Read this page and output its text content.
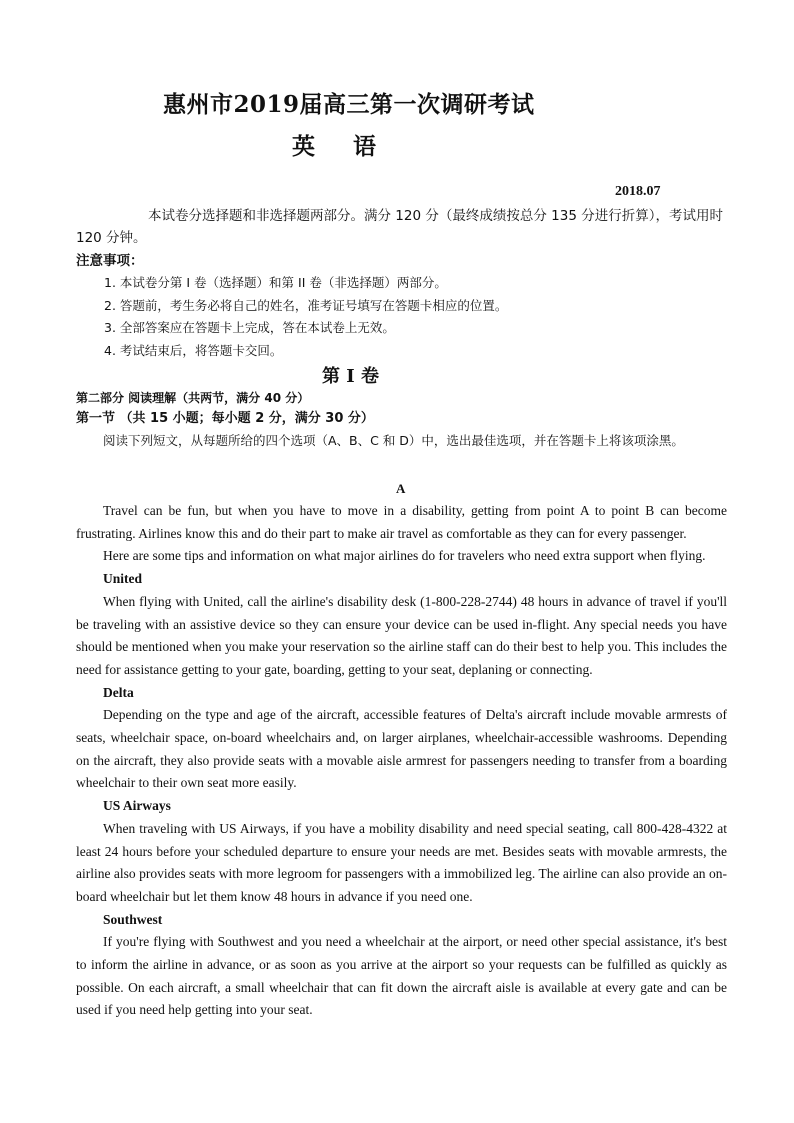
惠州市2019届高三第一次调研考试
英 语
2018.07

本试卷分选择题和非选择题两部分。满分 120 分（最终成绩按总分 135 分进行折算），考试用时 120 分钟。

注意事项：

1. 本试卷分第 I 卷（选择题）和第 II 卷（非选择题）两部分。

2. 答题前，考生务必将自己的姓名，准考证号填写在答题卡相应的位置。

3. 全部答案应在答题卡上完成，答在本试卷上无效。

4. 考试结束后，将答题卡交回。

第 I 卷

第二部分 阅读理解（共两节，满分 40 分）

第一节 （共 15 小题；每小题 2 分，满分 30 分）

阅读下列短文，从每题所给的四个选项（A、B、C 和 D）中，选出最佳选项，并在答题卡上将该项涂黑。

A

Travel can be fun, but when you have to move in a disability, getting from point A to point B can become frustrating. Airlines know this and do their part to make air travel as comfortable as they can for every passenger.

Here are some tips and information on what major airlines do for travelers who need extra support when flying.

United

When flying with United, call the airline's disability desk (1-800-228-2744) 48 hours in advance of travel if you'll be traveling with an assistive device so they can ensure your device can be used in-flight. Any special needs you have should be mentioned when you make your reservation so the airline staff can do their best to help you. This includes the need for assistance getting to your gate, boarding, getting to your seat, deplaning or connecting.

Delta

Depending on the type and age of the aircraft, accessible features of Delta's aircraft include movable armrests of seats, wheelchair space, on-board wheelchairs and, on larger airplanes, wheelchair-accessible washrooms. Depending on the aircraft, they also provide seats with a movable aisle armrest for passengers needing to transfer from a boarding wheelchair to their own seat more easily.

US Airways

When traveling with US Airways, if you have a mobility disability and need special seating, call 800-428-4322 at least 24 hours before your scheduled departure to ensure your needs are met. Besides seats with movable armrests, the airline also provides seats with more legroom for passengers with a immobilized leg. The airline can also provide an on-board wheelchair but let them know 48 hours in advance if you need one.

Southwest

If you're flying with Southwest and you need a wheelchair at the airport, or need other special assistance, it's best to inform the airline in advance, or as soon as you arrive at the airport so your requests can be fulfilled as quickly as possible. On each aircraft, a small wheelchair that can fit down the aircraft aisle is available at every gate and can be used if you need help getting into your seat.
